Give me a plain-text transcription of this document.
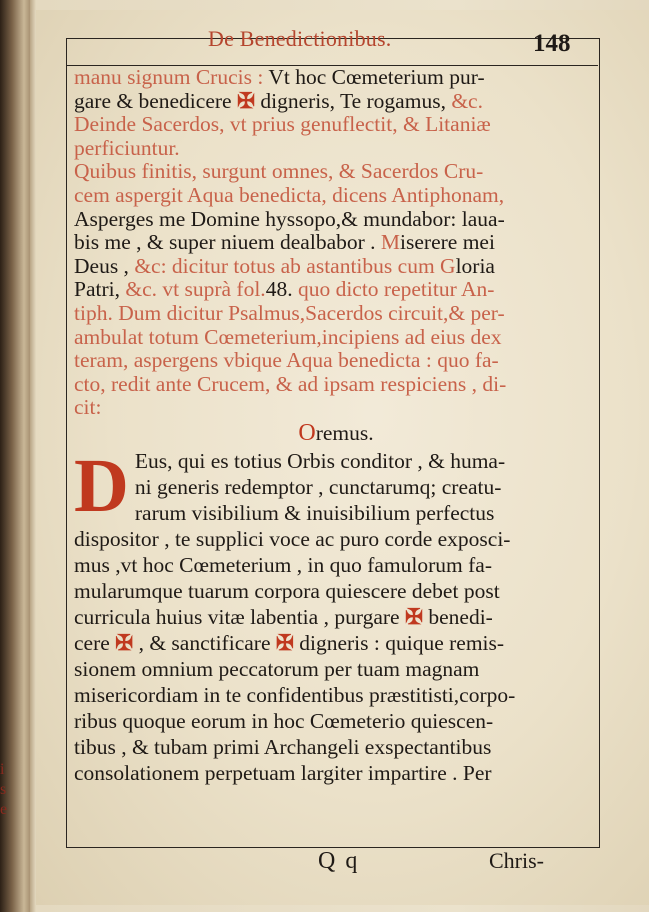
i
s
e
De Benedictionibus.	148
manu signum Crucis : Vt hoc Cœmeterium pur-
gare & benedicere ✠ digneris, Te rogamus, &c.
Deinde Sacerdos, vt prius genuflectit, & Litaniæ
perficiuntur.
Quibus finitis, surgunt omnes, & Sacerdos Cru-
cem aspergit Aqua benedicta, dicens Antiphonam,
Asperges me Domine hyssopo,& mundabor: lauа-
bis me , & super niuem dealbabor . Miserere mei
Deus , &c: dicitur totus ab astantibus cum Gloria
Patri, &c. vt suprà fol.48. quo dicto repetitur An-
tiph. Dum dicitur Psalmus,Sacerdos circuit,& per-
ambulat totum Cœmeterium,incipiens ad eius dex
teram, aspergens vbique Aqua benedicta : quo fa-
cto, redit ante Crucem, & ad ipsam respiciens , di-
cit:
Oremus.
D Eus, qui es totius Orbis conditor , & huma-
ni generis redemptor , cunctarumq; creatu-
rarum visibilium & inuisibilium perfectus
dispositor , te supplici voce ac puro corde exposci-
mus ,vt hoc Cœmeterium , in quo famulorum fa-
mularumque tuarum corpora quiescere debet post
curricula huius vitæ labentia , purgare ✠ benedi-
cere ✠ , & sanctificare ✠ digneris : quique remis-
sionem omnium peccatorum per tuam magnam
misericordiam in te confidentibus præstitisti,corpo-
ribus quoque eorum in hoc Cœmeterio quiescen-
tibus , & tubam primi Archangeli exspectantibus
consolationem perpetuam largiter impartire . Per
Q q	Chris-
